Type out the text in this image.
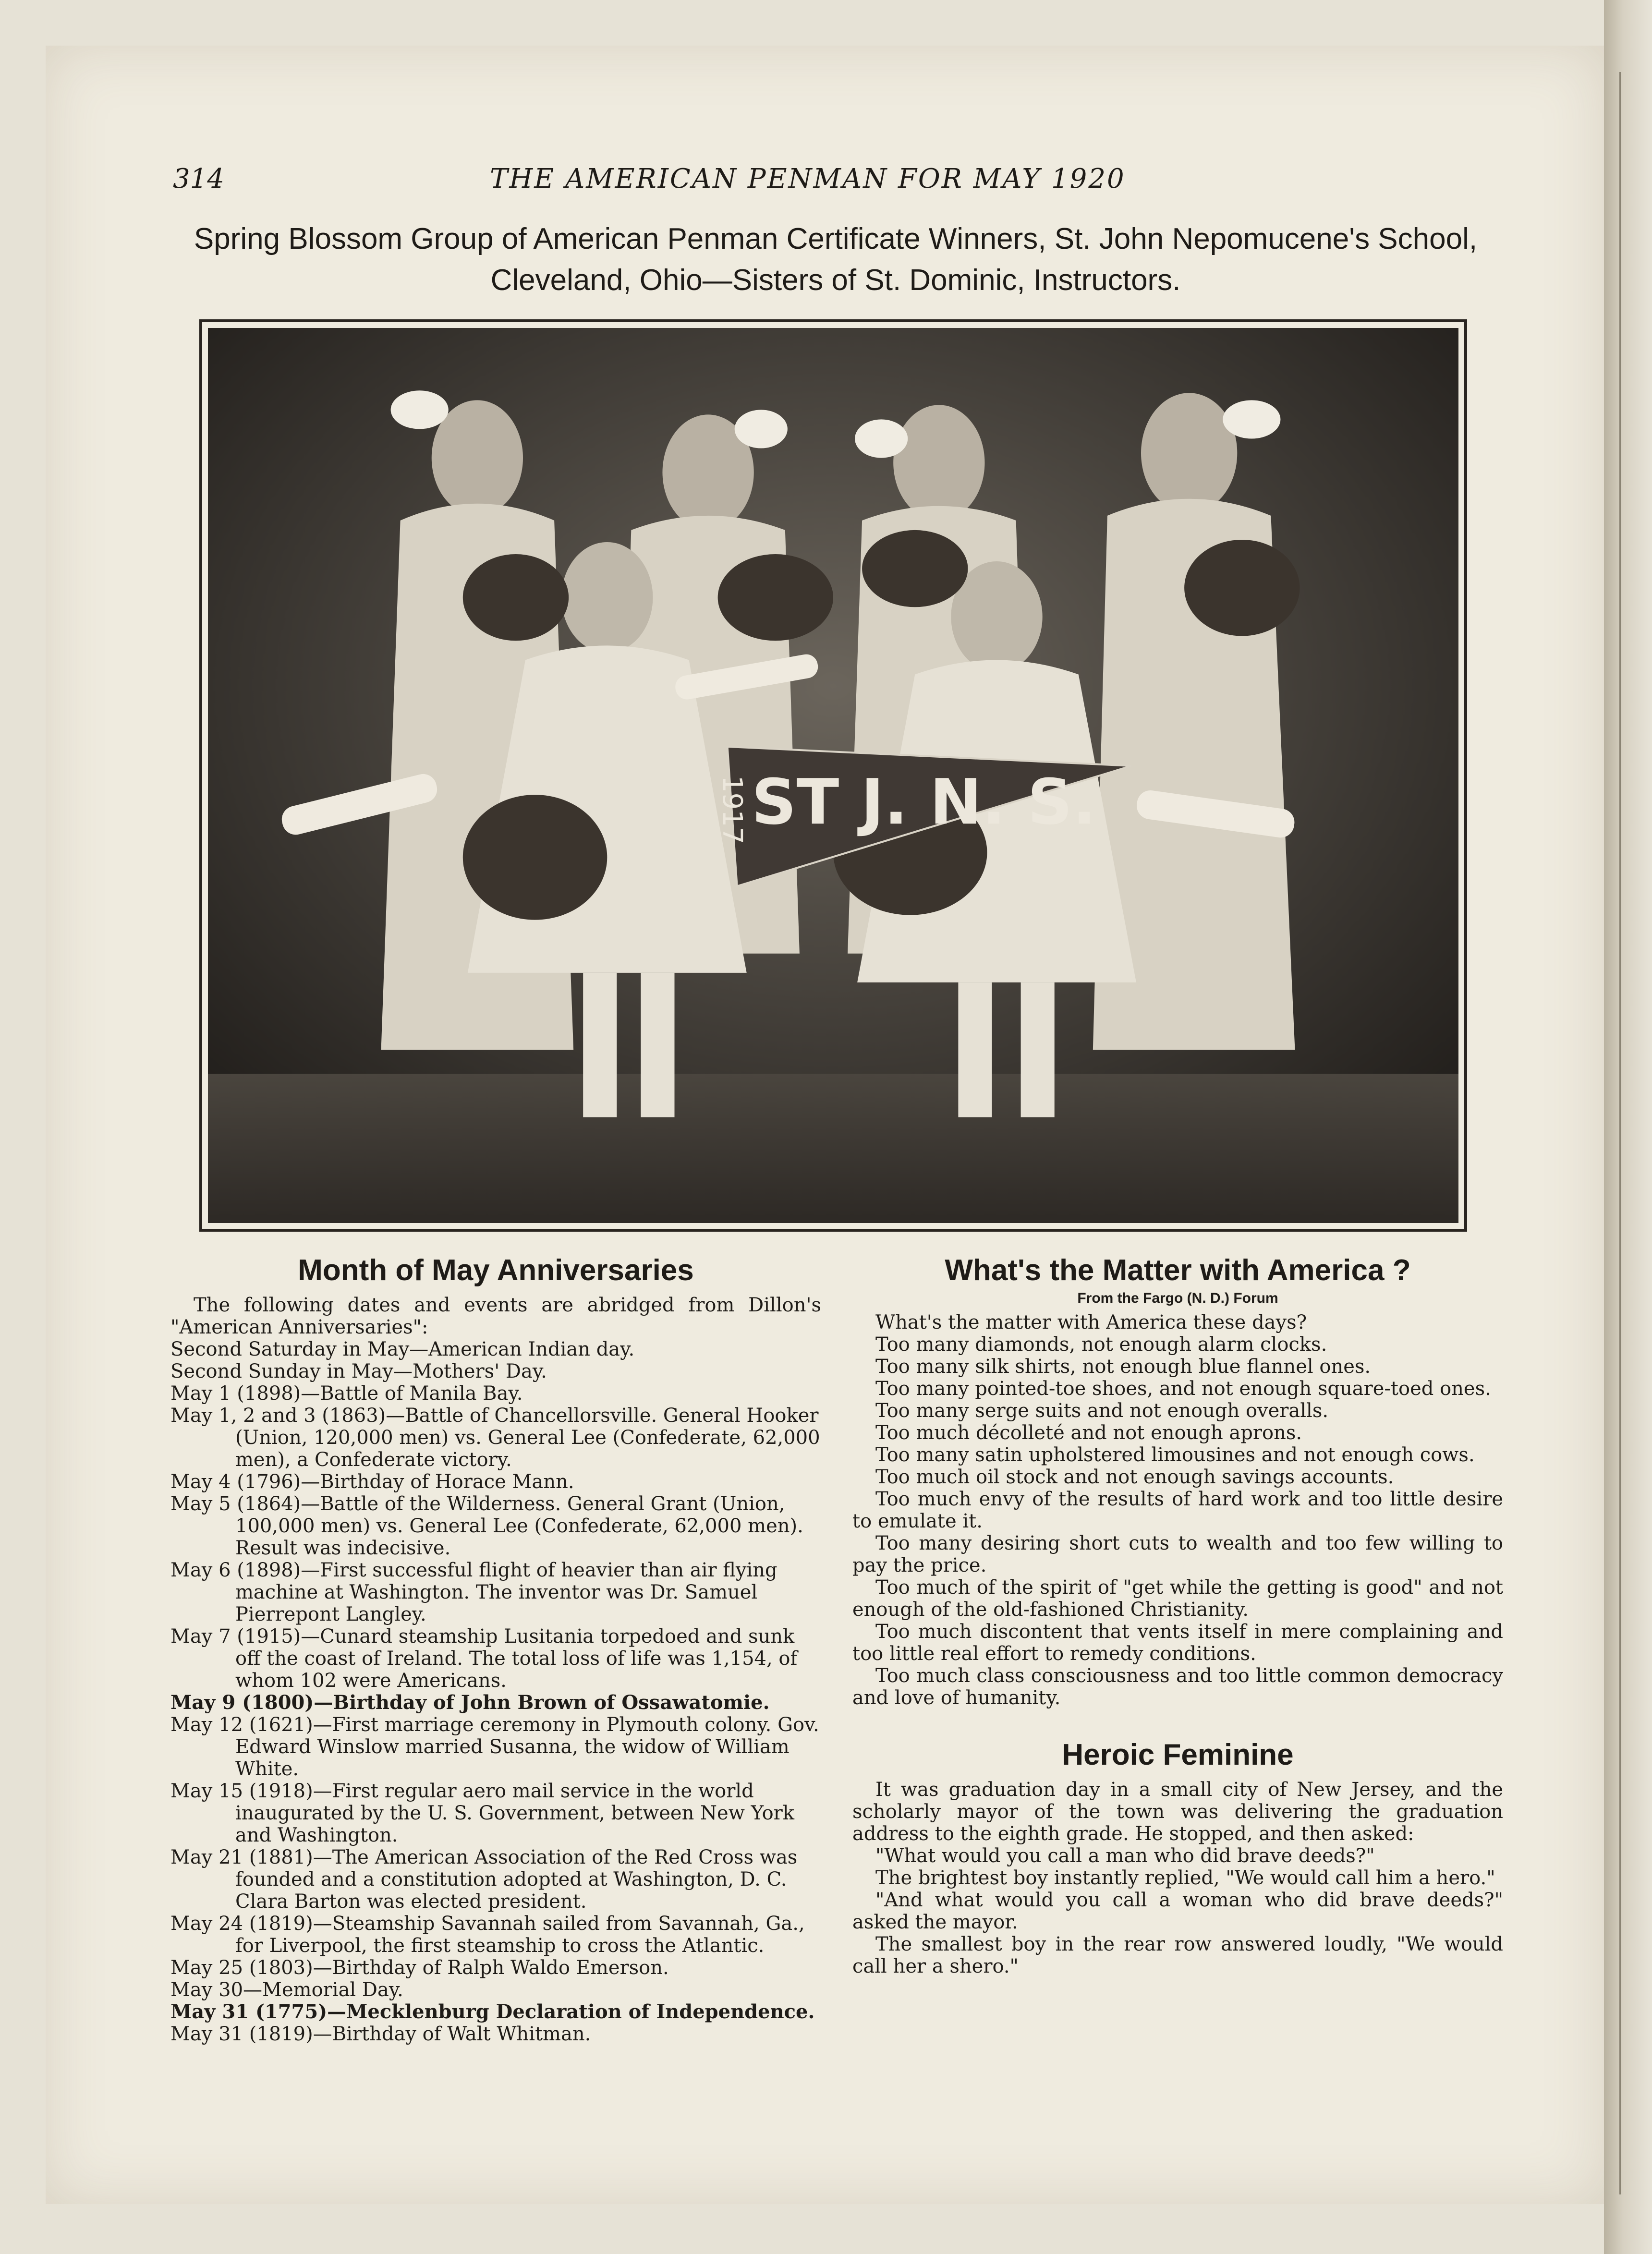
314	THE AMERICAN PENMAN FOR MAY 1920
Spring Blossom Group of American Penman Certificate Winners, St. John Nepomucene's School, Cleveland, Ohio—Sisters of St. Dominic, Instructors.
ST J. N. S.
1917
Month of May Anniversaries

The following dates and events are abridged from Dillon's "American Anniversaries":

Second Saturday in May—American Indian day.
Second Sunday in May—Mothers' Day.
May 1 (1898)—Battle of Manila Bay.
May 1, 2 and 3 (1863)—Battle of Chancellorsville. General Hooker (Union, 120,000 men) vs. General Lee (Confederate, 62,000 men), a Confederate victory.
May 4 (1796)—Birthday of Horace Mann.
May 5 (1864)—Battle of the Wilderness. General Grant (Union, 100,000 men) vs. General Lee (Confederate, 62,000 men). Result was indecisive.
May 6 (1898)—First successful flight of heavier than air flying machine at Washington. The inventor was Dr. Samuel Pierrepont Langley.
May 7 (1915)—Cunard steamship Lusitania torpedoed and sunk off the coast of Ireland. The total loss of life was 1,154, of whom 102 were Americans.
May 9 (1800)—Birthday of John Brown of Ossawatomie.
May 12 (1621)—First marriage ceremony in Plymouth colony. Gov. Edward Winslow married Susanna, the widow of William White.
May 15 (1918)—First regular aero mail service in the world inaugurated by the U. S. Government, between New York and Washington.
May 21 (1881)—The American Association of the Red Cross was founded and a constitution adopted at Washington, D. C. Clara Barton was elected president.
May 24 (1819)—Steamship Savannah sailed from Savannah, Ga., for Liverpool, the first steamship to cross the Atlantic.
May 25 (1803)—Birthday of Ralph Waldo Emerson.
May 30—Memorial Day.
May 31 (1775)—Mecklenburg Declaration of Independence.
May 31 (1819)—Birthday of Walt Whitman.
What's the Matter with America ?
From the Fargo (N. D.) Forum
What's the matter with America these days?
Too many diamonds, not enough alarm clocks.
Too many silk shirts, not enough blue flannel ones.
Too many pointed-toe shoes, and not enough square-toed ones.
Too many serge suits and not enough overalls.
Too much décolleté and not enough aprons.
Too many satin upholstered limousines and not enough cows.
Too much oil stock and not enough savings accounts.
Too much envy of the results of hard work and too little desire to emulate it.
Too many desiring short cuts to wealth and too few willing to pay the price.
Too much of the spirit of "get while the getting is good" and not enough of the old-fashioned Christianity.
Too much discontent that vents itself in mere complaining and too little real effort to remedy conditions.
Too much class consciousness and too little common democracy and love of humanity.
Heroic Feminine
It was graduation day in a small city of New Jersey, and the scholarly mayor of the town was delivering the graduation address to the eighth grade. He stopped, and then asked:
"What would you call a man who did brave deeds?"
The brightest boy instantly replied, "We would call him a hero."
"And what would you call a woman who did brave deeds?" asked the mayor.
The smallest boy in the rear row answered loudly, "We would call her a shero."
